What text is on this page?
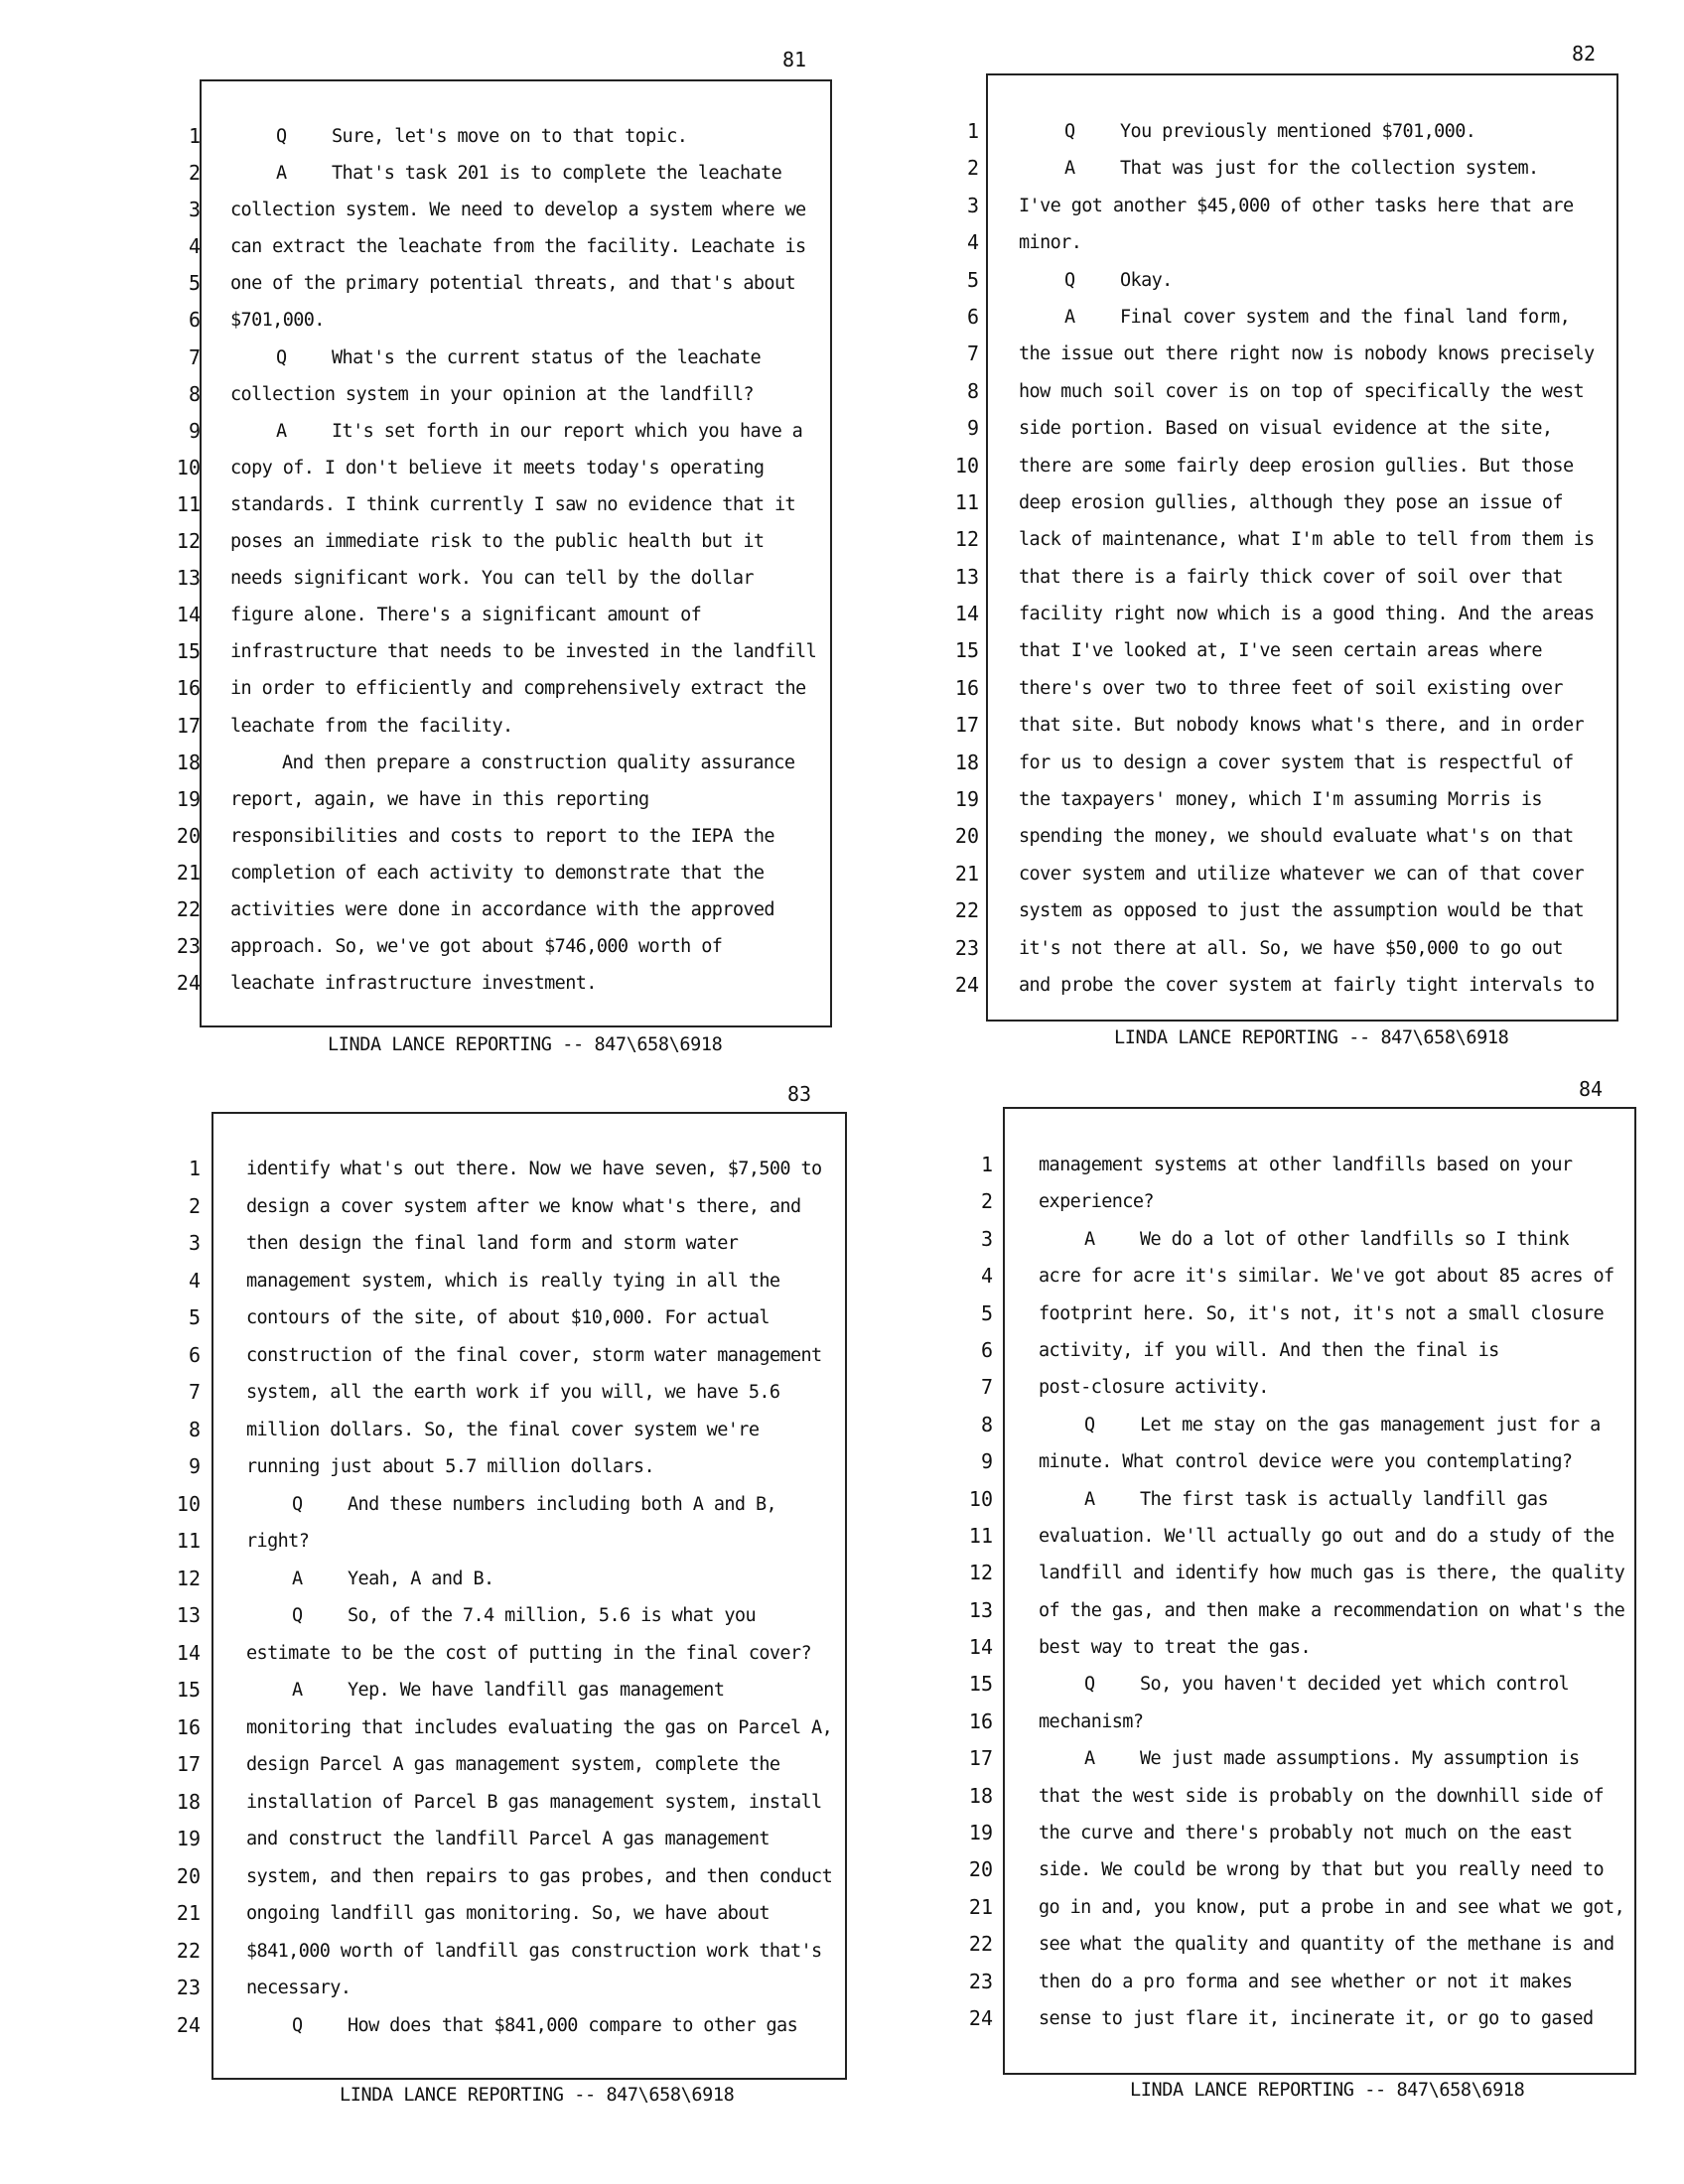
81
1	Q Sure, let's move on to that topic.
2	A That's task 201 is to complete the leachate
3 collection system. We need to develop a system where we
4 can extract the leachate from the facility. Leachate is
5 one of the primary potential threats, and that's about
6 $701,000.
7	Q What's the current status of the leachate
8 collection system in your opinion at the landfill?
9	A It's set forth in our report which you have a
10 copy of. I don't believe it meets today's operating
11 standards. I think currently I saw no evidence that it
12 poses an immediate risk to the public health but it
13 needs significant work. You can tell by the dollar
14 figure alone. There's a significant amount of
15 infrastructure that needs to be invested in the landfill
16 in order to efficiently and comprehensively extract the
17 leachate from the facility.
18	And then prepare a construction quality assurance
19 report, again, we have in this reporting
20 responsibilities and costs to report to the IEPA the
21 completion of each activity to demonstrate that the
22 activities were done in accordance with the approved
23 approach. So, we've got about $746,000 worth of
24 leachate infrastructure investment.
LINDA LANCE REPORTING -- 847\658\6918
82
1	Q You previously mentioned $701,000.
2	A That was just for the collection system.
3 I've got another $45,000 of other tasks here that are
4 minor.
5	Q Okay.
6	A Final cover system and the final land form,
7 the issue out there right now is nobody knows precisely
8 how much soil cover is on top of specifically the west
9 side portion. Based on visual evidence at the site,
10 there are some fairly deep erosion gullies. But those
11 deep erosion gullies, although they pose an issue of
12 lack of maintenance, what I'm able to tell from them is
13 that there is a fairly thick cover of soil over that
14 facility right now which is a good thing. And the areas
15 that I've looked at, I've seen certain areas where
16 there's over two to three feet of soil existing over
17 that site. But nobody knows what's there, and in order
18 for us to design a cover system that is respectful of
19 the taxpayers' money, which I'm assuming Morris is
20 spending the money, we should evaluate what's on that
21 cover system and utilize whatever we can of that cover
22 system as opposed to just the assumption would be that
23 it's not there at all. So, we have $50,000 to go out
24 and probe the cover system at fairly tight intervals to
LINDA LANCE REPORTING -- 847\658\6918
83
1 identify what's out there. Now we have seven, $7,500 to
2 design a cover system after we know what's there, and
3 then design the final land form and storm water
4 management system, which is really tying in all the
5 contours of the site, of about $10,000. For actual
6 construction of the final cover, storm water management
7 system, all the earth work if you will, we have 5.6
8 million dollars. So, the final cover system we're
9 running just about 5.7 million dollars.
10	Q And these numbers including both A and B,
11 right?
12	A Yeah, A and B.
13	Q So, of the 7.4 million, 5.6 is what you
14 estimate to be the cost of putting in the final cover?
15	A Yep. We have landfill gas management
16 monitoring that includes evaluating the gas on Parcel A,
17 design Parcel A gas management system, complete the
18 installation of Parcel B gas management system, install
19 and construct the landfill Parcel A gas management
20 system, and then repairs to gas probes, and then conduct
21 ongoing landfill gas monitoring. So, we have about
22 $841,000 worth of landfill gas construction work that's
23 necessary.
24	Q How does that $841,000 compare to other gas
LINDA LANCE REPORTING -- 847\658\6918
84
1 management systems at other landfills based on your
2 experience?
3	A We do a lot of other landfills so I think
4 acre for acre it's similar. We've got about 85 acres of
5 footprint here. So, it's not, it's not a small closure
6 activity, if you will. And then the final is
7 post-closure activity.
8	Q Let me stay on the gas management just for a
9 minute. What control device were you contemplating?
10	A The first task is actually landfill gas
11 evaluation. We'll actually go out and do a study of the
12 landfill and identify how much gas is there, the quality
13 of the gas, and then make a recommendation on what's the
14 best way to treat the gas.
15	Q So, you haven't decided yet which control
16 mechanism?
17	A We just made assumptions. My assumption is
18 that the west side is probably on the downhill side of
19 the curve and there's probably not much on the east
20 side. We could be wrong by that but you really need to
21 go in and, you know, put a probe in and see what we got,
22 see what the quality and quantity of the methane is and
23 then do a pro forma and see whether or not it makes
24 sense to just flare it, incinerate it, or go to gased
LINDA LANCE REPORTING -- 847\658\6918
